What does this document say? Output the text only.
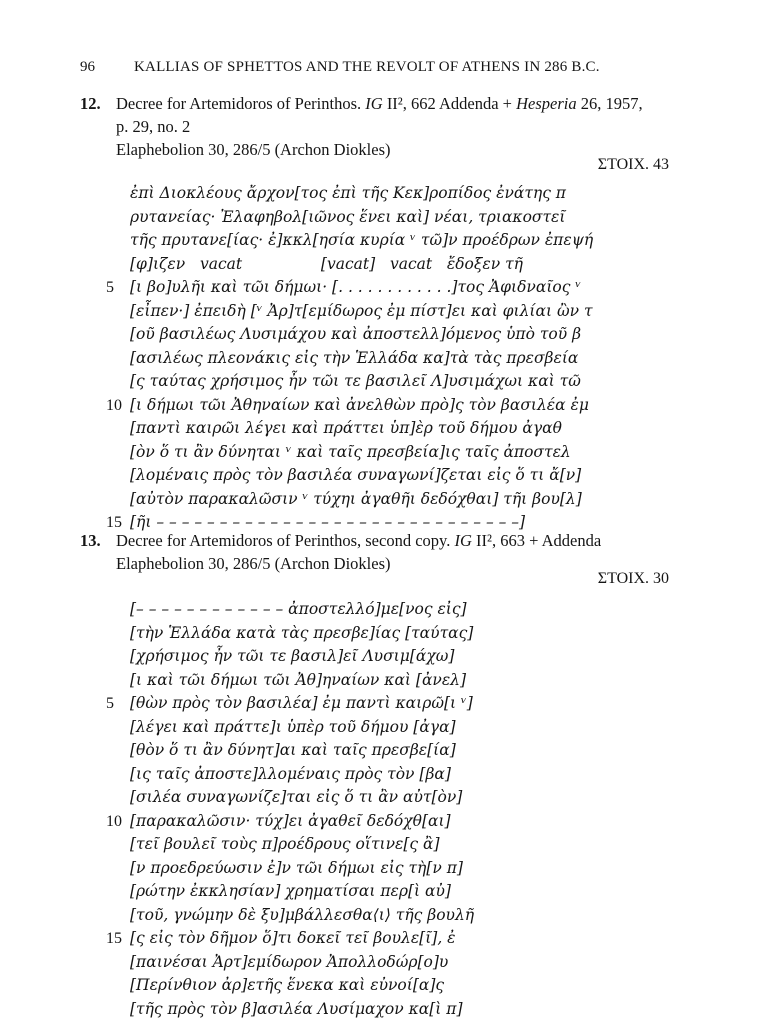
96	KALLIAS OF SPHETTOS AND THE REVOLT OF ATHENS IN 286 B.C.
12. Decree for Artemidoros of Perinthos. IG II², 662 Addenda + Hesperia 26, 1957,
p. 29, no. 2
Elaphebolion 30, 286/5 (Archon Diokles)
ΣΤΟΙΧ. 43
ἐπὶ Διοκλέους ἄρχον[τος ἐπὶ τῆς Κεκ]ροπίδος ἐνάτης π
ρυτανείας· Ἐλαφηβολ[ιῶνος ἕνει καὶ] νέαι, τριακοστεῖ
τῆς πρυτανε[ίας· ἐ]κκλ[ησία κυρία ᵛ τῶ]ν προέδρων ἐπεψή
[φ]ιζεν   vacat                [vacat]   vacat   ἔδοξεν τῆ
5 [ι βο]υλῆι καὶ τῶι δήμωι· [. . . . . . . . . . . .]τος Ἀφιδναῖος ᵛ
[εἶπεν·] ἐπειδὴ [ᵛ Ἀρ]τ[εμίδωρος ἐμ πίστ]ει καὶ φιλίαι ὢν τ
[οῦ βασιλέως Λυσιμάχου καὶ ἀποστελλ]όμενος ὑπὸ τοῦ β
[ασιλέως πλεονάκις εἰς τὴν Ἑλλάδα κα]τὰ τὰς πρεσβεία
[ς ταύτας χρήσιμος ἦν τῶι τε βασιλεῖ Λ]υσιμάχωι καὶ τῶ
10 [ι δήμωι τῶι Ἀθηναίων καὶ ἀνελθὼν πρὸ]ς τὸν βασιλέα ἐμ
[παντὶ καιρῶι λέγει καὶ πράττει ὑπ]ὲρ τοῦ δήμου ἀγαθ
[ὸν ὅ τι ἂν δύνηται ᵛ καὶ ταῖς πρεσβεία]ις ταῖς ἀποστελ
[λομέναις πρὸς τὸν βασιλέα συναγωνί]ζεται εἰς ὅ τι ἄ[ν]
[αὐτὸν παρακαλῶσιν ᵛ τύχηι ἀγαθῆι δεδόχθαι] τῆι βου[λ]
15 [ῆι – – – – – – – – – – – – – – – – – – – – – – – – – – – – –]
13. Decree for Artemidoros of Perinthos, second copy. IG II², 663 + Addenda
Elaphebolion 30, 286/5 (Archon Diokles)
ΣΤΟΙΧ. 30
[– – – – – – – – – – – – ἀποστελλό]με[νος εἰς]
[τὴν Ἑλλάδα κατὰ τὰς πρεσβε]ίας [ταύτας]
[χρήσιμος ἦν τῶι τε βασιλ]εῖ Λυσιμ[άχω]
[ι καὶ τῶι δήμωι τῶι Ἀθ]ηναίων καὶ [ἀνελ]
5 [θὼν πρὸς τὸν βασιλέα] ἐμ παντὶ καιρῶ[ι ᵛ]
[λέγει καὶ πράττε]ι ὑπὲρ τοῦ δήμου [ἀγα]
[θὸν ὅ τι ἂν δύνητ]αι καὶ ταῖς πρεσβε[ία]
[ις ταῖς ἀποστε]λλομέναις πρὸς τὸν [βα]
[σιλέα συναγωνίζε]ται εἰς ὅ τι ἂν αὐτ[ὸν]
10 [παρακαλῶσιν· τύχ]ει ἀγαθεῖ δεδόχθ[αι]
[τεῖ βουλεῖ τοὺς π]ροέδρους οἵτινε[ς ἂ]
[ν προεδρεύωσιν ἐ]ν τῶι δήμωι εἰς τὴ[ν π]
[ρώτην ἐκκλησίαν] χρηματίσαι περ[ὶ αὐ]
[τοῦ, γνώμην δὲ ξυ]μβάλλεσθα⟨ι⟩ τῆς βουλῆ
15 [ς εἰς τὸν δῆμον ὅ]τι δοκεῖ τεῖ βουλε[ῖ], ἐ
[παινέσαι Ἀρτ]εμίδωρον Ἀπολλοδώρ[ο]υ
[Περίνθιον ἀρ]ετῆς ἕνεκα καὶ εὐνοί[α]ς
[τῆς πρὸς τὸν β]ασιλέα Λυσίμαχον κα[ὶ π]
